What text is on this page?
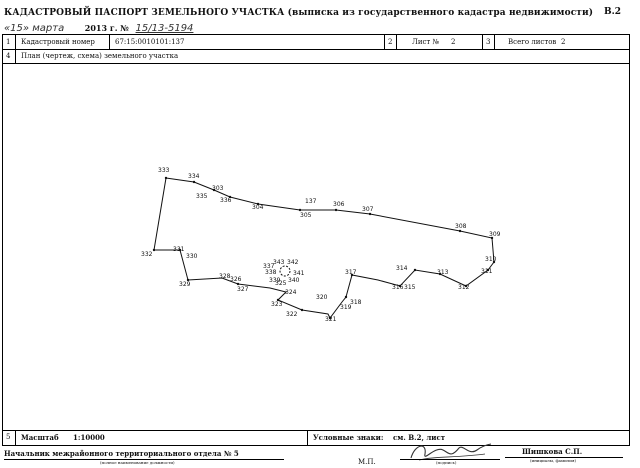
КАДАСТРОВЫЙ ПАСПОРТ ЗЕМЕЛЬНОГО УЧАСТКА (выписка из государственного кадастра недвижимости) В.2
«15» марта	2013 г. № 15/13-5194
1 Кадастровый номер	67:15:0010101:137	2	Лист № 2	3	Всего листов 2
4 План (чертеж, схема) земельного участка
5 Масштаб 1:10000	Условные знаки: см. В.2, лист
333
334
303
335
336
304
137
305
306
307
308
309
310
311
312
313
315
314
316
317
318
319
320
321
322
323
324
325
326
327
328
329
330
331
332
337
338
339 340
341
342
343
Начальник межрайонного территориального отдела № 5
(полное наименование должности)	М.П.	(подпись)
Шишкова С.П.
(инициалы, фамилия)
